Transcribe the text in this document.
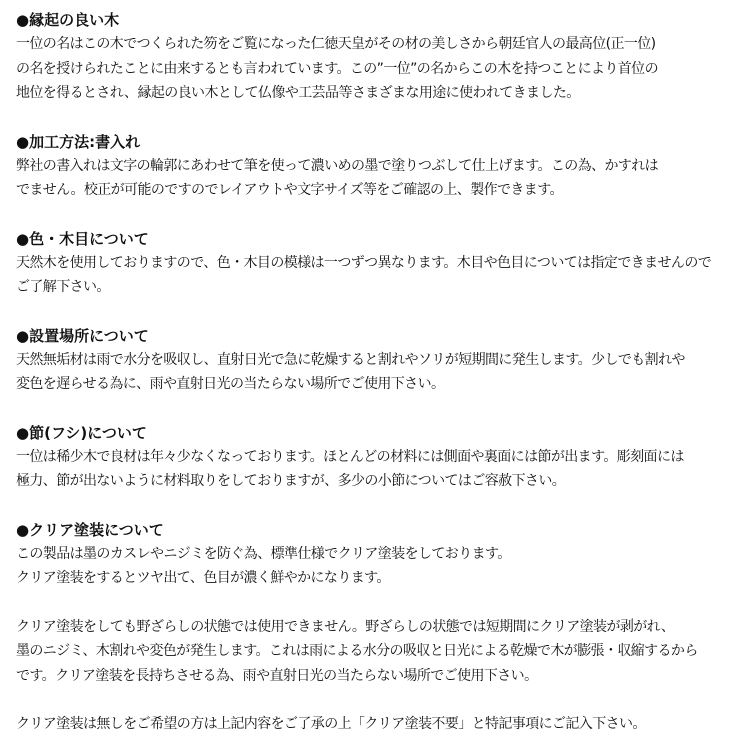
●縁起の良い木
一位の名はこの木でつくられた笏をご覧になった仁徳天皇がその材の美しさから朝廷官人の最高位(正一位)
の名を授けられたことに由来するとも言われています。この”一位”の名からこの木を持つことにより首位の
地位を得るとされ、縁起の良い木として仏像や工芸品等さまざまな用途に使われてきました。
●加工方法:書入れ
弊社の書入れは文字の輪郭にあわせて筆を使って濃いめの墨で塗りつぶして仕上げます。この為、かすれは
でません。校正が可能のですのでレイアウトや文字サイズ等をご確認の上、製作できます。
●色・木目について
天然木を使用しておりますので、色・木目の模様は一つずつ異なります。木目や色目については指定できませんので
ご了解下さい。
●設置場所について
天然無垢材は雨で水分を吸収し、直射日光で急に乾燥すると割れやソリが短期間に発生します。少しでも割れや
変色を遅らせる為に、雨や直射日光の当たらない場所でご使用下さい。
●節(フシ)について
一位は稀少木で良材は年々少なくなっております。ほとんどの材料には側面や裏面には節が出ます。彫刻面には
極力、節が出ないように材料取りをしておりますが、多少の小節についてはご容赦下さい。
●クリア塗装について
この製品は墨のカスレやニジミを防ぐ為、標準仕様でクリア塗装をしております。
クリア塗装をするとツヤ出て、色目が濃く鮮やかになります。
クリア塗装をしても野ざらしの状態では使用できません。野ざらしの状態では短期間にクリア塗装が剥がれ、
墨のニジミ、木割れや変色が発生します。これは雨による水分の吸収と日光による乾燥で木が膨張・収縮するから
です。クリア塗装を長持ちさせる為、雨や直射日光の当たらない場所でご使用下さい。
クリア塗装は無しをご希望の方は上記内容をご了承の上「クリア塗装不要」と特記事項にご記入下さい。
